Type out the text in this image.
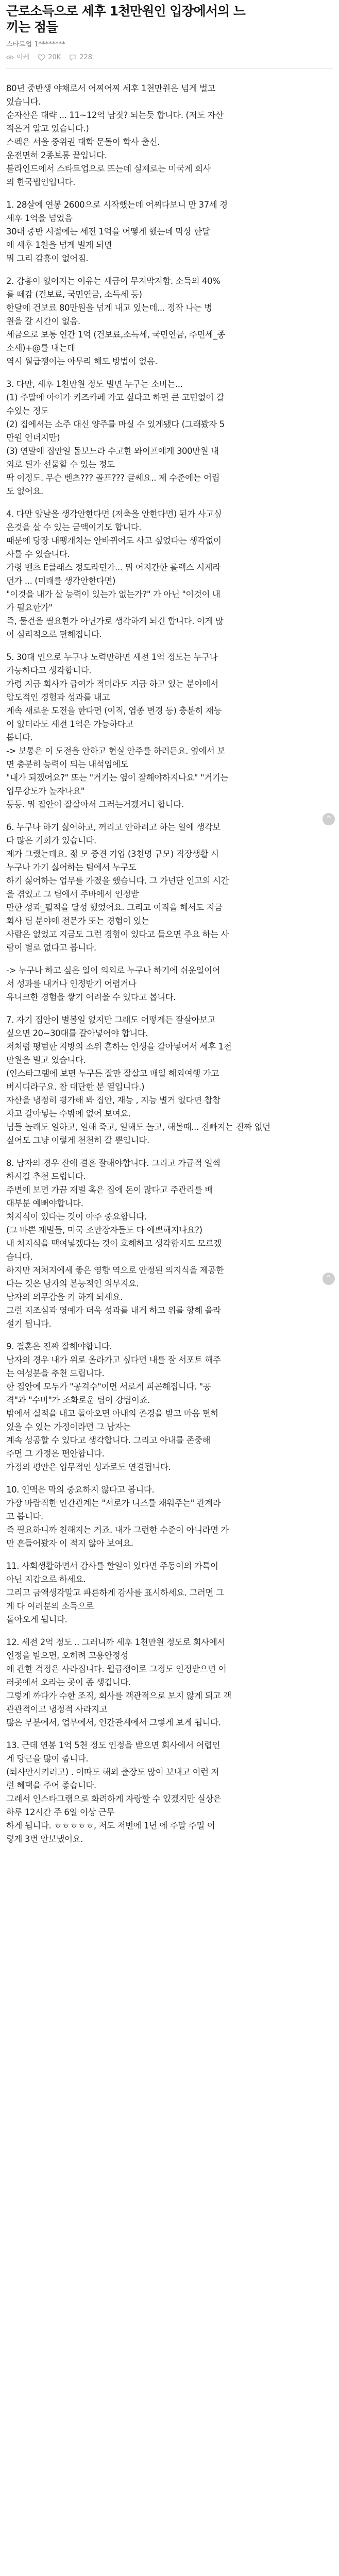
근로소득으로 세후 1천만원인 입장에서의 느
끼는 점들
스타트업 1********
이케	20K	228
80년 중반생 야채로서 어찌어찌 세후 1천만원은 넘게 벌고
있습니다.
순자산은 대략 ... 11~12억 남짓? 되는듯 합니다. (저도 자산
적은거 알고 있습니다.)
스펙은 서울 중위권 대학 문돌이 학사 출신.
운전면허 2종보통 끝입니다.
블라인드에서 스타트업으로 뜨는데 실제로는 미국계 회사
의 한국법인입니다.
1. 28살에 연봉 2600으로 시작했는데 어찌다보니 만 37세 경
세후 1억을 넘었음
30대 중반 시절에는 세전 1억을 어떻게 했는데 막상 한달
에 세후 1천을 넘게 벌게 되면
뭐 그리 감흥이 없어짐.
2. 감흥이 없어지는 이유는 세금이 무지막지함. 소득의 40%
를 떼감 (건보료, 국민연금, 소득세 등)
한달에 건보료 80만원을 넘게 내고 있는데... 정작 나는 병
원을 갈 시간이 없음.
세금으로 보통 연간 1억 (건보료,소득세, 국민연금, 주민세_종
소세)+@를 내는데
역시 월급쟁이는 아무리 해도 방법이 없음.
3. 다만, 세후 1천만원 정도 벌면 누구는 소비는...
(1) 주말에 아이가 키즈카페 가고 싶다고 하면 큰 고민없이 갈
수있는 정도
(2) 집에서는 소주 대신 양주를 마실 수 있게됐다 (그래봤자 5
만원 언더지만)
(3) 연말에 집안일 돕보느라 수고한 와이프에게 300만원 내
외로 된가 선물할 수 있는 정도
딱 이정도. 무슨 벤츠??? 골프??? 글쎄요.. 제 수준에는 어림
도 없어요.
4. 다만 앞날을 생각안한다면 (저축을 안한다면) 된가 사고싶
은것을 살 수 있는 금액이기도 합니다.
때문에 당장 내팽개치는 안바뀌어도 사고 싶었다는 생각없이
사를 수 있습니다.
가령 벤츠 E클래스 정도라던가... 뭐 어지간한 롤렉스 시계라
던가 ... (미래를 생각안한다면)
"이것을 내가 살 능력이 있는가 없는가?" 가 아닌 "이것이 내
가 필요한가"
즉, 물건을 필요한가 아닌가로 생각하게 되긴 합니다. 이게 많
이 심리적으로 편해집니다.
5. 30대 인으로 누구나 노력만하면 세전 1억 정도는 누구나
가능하다고 생각합니다.
가령 지금 회사가 급여가 적더라도 지금 하고 있는 분야에서
압도적인 경험과 성과를 내고
계속 새로운 도전을 한다면 (이직, 엽종 변경 등) 충분히 재능
이 없더라도 세전 1억은 가능하다고
봅니다.
-> 보통은 이 도전을 안하고 현실 안주를 하려든요. 옆에서 보
면 충분히 능력이 되는 내석임에도
"내가 되겠어요?" 또는 "거기는 옆이 잘해야하지나요" "거기는
업무강도가 높자나요"
등등. 뭐 집안이 잘살아서 그러는거겠거니 합니다.
6. 누구나 하기 싫어하고, 꺼리고 안하려고 하는 일에 생각보
다 많은 기회가 있습니다.
제가 그랬는데요. 젊 모 중견 기업 (3천명 규모) 직장생활 시
누구나 가기 싫어하는 팀에서 누구도
하기 싫어하는 업무를 가졌을 했습니다. 그 가넌단 인고의 시간
을 겪었고 그 팀에서 주바에서 인정받
만한 성과_필적을 달성 했었어요. 그리고 이직을 해서도 지금
회사 팀 분야에 전문가 또는 경험이 있는
사람은 없었고 지금도 그런 경험이 있다고 들으면 주요 하는 사
람이 별로 없다고 봅니다.
-> 누구나 하고 싶은 일이 의외로 누구나 하기에 쉬운일이어
서 성과를 내거나 인정받기 어렵거나
유니크한 경험을 쌓기 어려울 수 있다고 봅니다.
7. 자기 집안이 별볼일 없지만 그래도 어떻게든 잘살아보고
싶으면 20~30대를 갈아넣어야 합니다.
저처럼 평범한 지방의 소위 흔하는 인생을 갈아넣어서 세후 1천
만원을 벌고 있습니다.
(인스타그램에 보면 누구든 잘만 잘살고 매일 해외여행 가고
버시디라구요. 참 대단한 분 열입니다.)
자산을 냉정히 평가해 봐 집안, 재능 , 지능 별거 없다면 찹찹
자고 갈아넣는 수밖에 없어 보여요.
님들 놀래도 일하고, 일해 죽고, 일해도 놀고, 해볼때... 진빠지는 진짜 없던
싶어도 그냥 이렇게 천천히 갈 뿐입니다.
8. 남자의 경우 잔에 결혼 잘해야합니다. 그리고 가급적 일찍
하시길 추천 드립니다.
주변에 보면 가끔 재벌 혹은 집에 돈이 많다고 주관리를 배
대부분 예뻐야합니다.
처지식이 있다는 것이 아주 중요합니다.
(그 바쁜 재벌들, 미국 조만장자들도 다 예쁘해지나요?)
내 처지식을 맥여넣겠다는 것이 흐해하고 생각함지도 모르겠
습니다.
하지만 저처지에세 좋은 영향 역으로 안정된 의지식을 제공한
다는 것은 남자의 본능적인 의무지요.
남자의 의무감을 키 하게 되세요.
그런 지조심과 영예가 더욱 성과를 내게 하고 위를 향해 올라
설기 됩니다.
9. 결혼은 진짜 잘해야합니다.
남자의 경우 내가 위로 올라가고 싶다면 내를 잘 서포트 해주
는 여성분을 추천 드립니다.
한 집안에 모두가 "공격수"이면 서로게 피곤해집니다. "공
격"과 "수비"가 조화로운 팀이 강팀이죠.
밖에서 실적을 내고 돌아오면 아내의 존경을 받고 마음 편히
있을 수 있는 가정이라면 그 남자는
계속 성공할 수 있다고 생각합니다. 그리고 아내를 존중해
주면 그 가정은 편안합니다.
가정의 평안은 업무적인 성과로도 연결됩니다.
10. 인맥은 막의 중요하지 않다고 봅니다.
가장 바람직한 인간관계는 "서로가 니즈를 채워주는" 관계라
고 봅니다.
즉 필요하니까 친해지는 거죠. 내가 그런한 수준이 아니라면 가
만 흔들어봤자 이 적지 않아 보여요.
11. 사회생활하면서 감사를 할일이 있다면 주동이의 가특이
아닌 지갑으로 하세요.
그리고 금액생각말고 파른하게 감사를 표시하세요. 그러면 그
게 다 여러분의 소득으로
돌아오게 됩니다.
12. 세전 2억 정도 .. 그러니까 세후 1천만원 정도로 회사에서
인정을 받으면, 오히려 고용안정성
에 관한 걱정은 사라집니다. 월급쟁이로 그정도 인정받으면 어
러곳에서 오라는 곳이 좀 생깁니다.
그렇게 까다가 수한 조직, 회사를 객관적으로 보지 않게 되고 객
관관적이고 냉정적 사라지고
많은 부분에서, 업무에서, 인간관계에서 그렇게 보게 됩니다.
13. 근데 연봉 1억 5천 정도 인정을 받으면 회사에서 어렵인
게 당근을 많이 줍니다.
(퇴사안시키려고) . 여따도 해외 출장도 많이 보내고 이런 저
런 혜택을 주어 좋습니다.
그래서 인스타그램으로 화려하게 자랑할 수 있겠지만 실상은
하루 12시간 주 6일 이상 근무
하게 됩니다. ㅎㅎㅎㅎㅎ, 저도 저번에 1년 에 주말 주밀 이
렇게 3번 안보냈어요.
^
^
